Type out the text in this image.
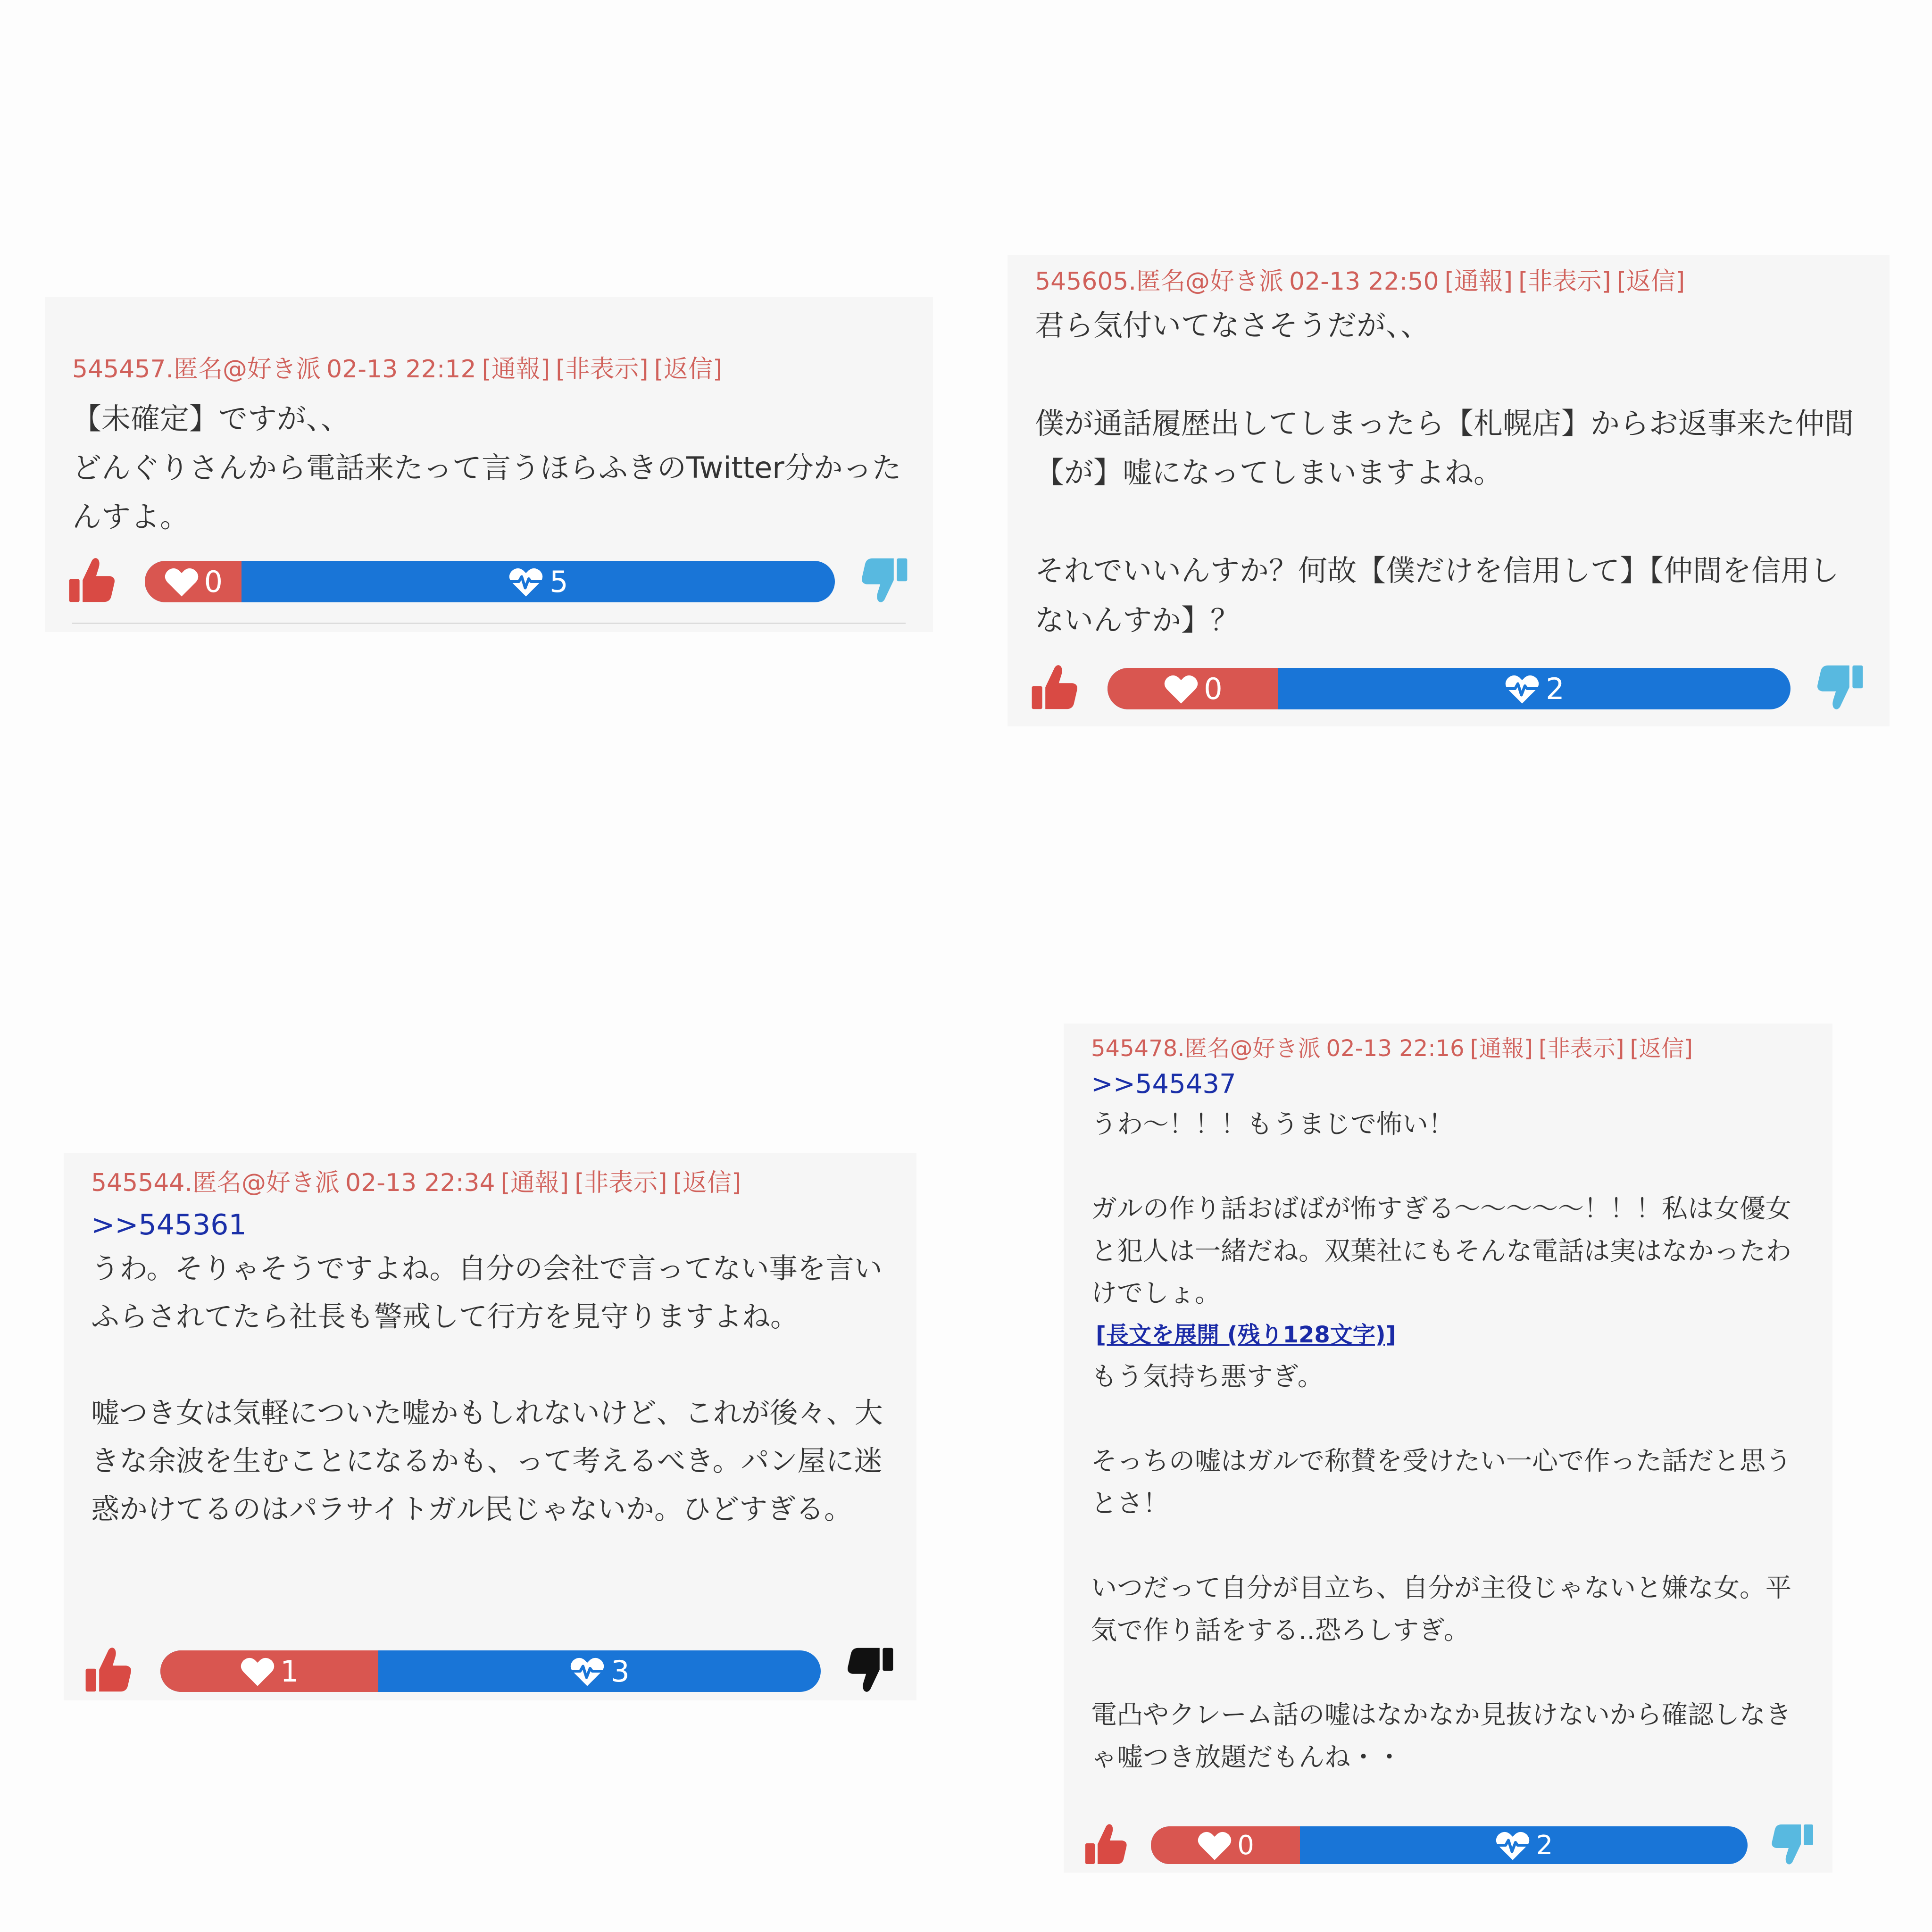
545457.匿名@好き派 02-13 22:12 [通報] [非表示] [返信]
【未確定】ですが、、
どんぐりさんから電話来たって言うほらふきのTwitter分かったんすよ。
0	5
545605.匿名@好き派 02-13 22:50 [通報] [非表示] [返信]
君ら気付いてなさそうだが、、

僕が通話履歴出してしまったら【札幌店】からお返事来た仲間【が】嘘になってしまいますよね。

それでいいんすか？何故【僕だけを信用して】【仲間を信用しないんすか】？
0	2
545544.匿名@好き派 02-13 22:34 [通報] [非表示] [返信]
>>545361
うわ。そりゃそうですよね。自分の会社で言ってない事を言いふらされてたら社長も警戒して行方を見守りますよね。

嘘つき女は気軽についた嘘かもしれないけど、これが後々、大きな余波を生むことになるかも、って考えるべき。パン屋に迷惑かけてるのはパラサイトガル民じゃないか。ひどすぎる。
1	3
545478.匿名@好き派 02-13 22:16 [通報] [非表示] [返信]
>>545437
うわ～！！！もうまじで怖い！

ガルの作り話おばばが怖すぎる～～～～～！！！私は女優女と犯人は一緒だね。双葉社にもそんな電話は実はなかったわけでしょ。
[長文を展開 (残り128文字)]
もう気持ち悪すぎ。

そっちの嘘はガルで称賛を受けたい一心で作った話だと思うとさ！

いつだって自分が目立ち、自分が主役じゃないと嫌な女。平気で作り話をする..恐ろしすぎ。

電凸やクレーム話の嘘はなかなか見抜けないから確認しなきゃ嘘つき放題だもんね・・
0	2
